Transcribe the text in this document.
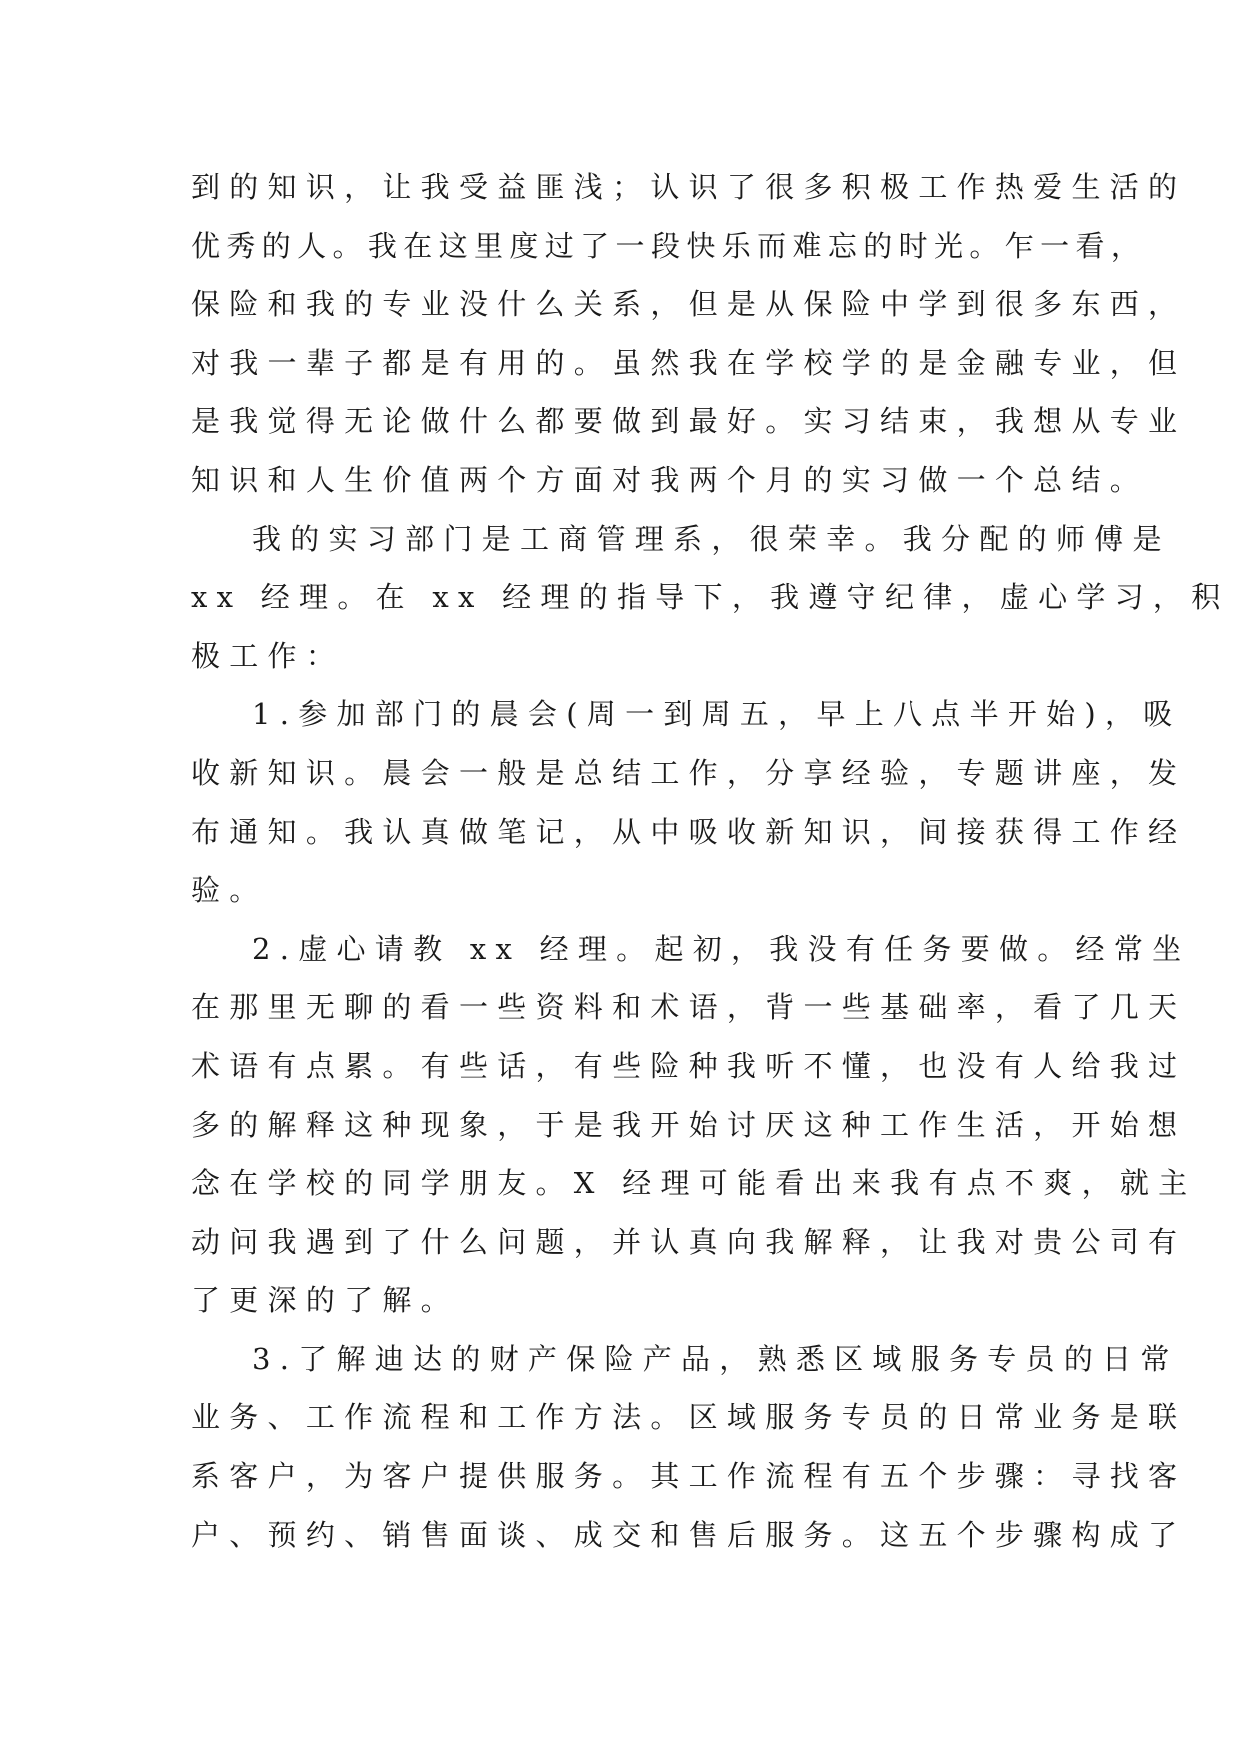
到的知识，让我受益匪浅；认识了很多积极工作热爱生活的
优秀的人。我在这里度过了一段快乐而难忘的时光。乍一看，
保险和我的专业没什么关系，但是从保险中学到很多东西，
对我一辈子都是有用的。虽然我在学校学的是金融专业，但
是我觉得无论做什么都要做到最好。实习结束，我想从专业
知识和人生价值两个方面对我两个月的实习做一个总结。
我的实习部门是工商管理系，很荣幸。我分配的师傅是
xx 经理。在 xx 经理的指导下，我遵守纪律，虚心学习，积
极工作：
1.参加部门的晨会(周一到周五，早上八点半开始)，吸
收新知识。晨会一般是总结工作，分享经验，专题讲座，发
布通知。我认真做笔记，从中吸收新知识，间接获得工作经
验。
2.虚心请教 xx 经理。起初，我没有任务要做。经常坐
在那里无聊的看一些资料和术语，背一些基础率，看了几天
术语有点累。有些话，有些险种我听不懂，也没有人给我过
多的解释这种现象，于是我开始讨厌这种工作生活，开始想
念在学校的同学朋友。X 经理可能看出来我有点不爽，就主
动问我遇到了什么问题，并认真向我解释，让我对贵公司有
了更深的了解。
3.了解迪达的财产保险产品，熟悉区域服务专员的日常
业务、工作流程和工作方法。区域服务专员的日常业务是联
系客户，为客户提供服务。其工作流程有五个步骤：寻找客
户、预约、销售面谈、成交和售后服务。这五个步骤构成了
